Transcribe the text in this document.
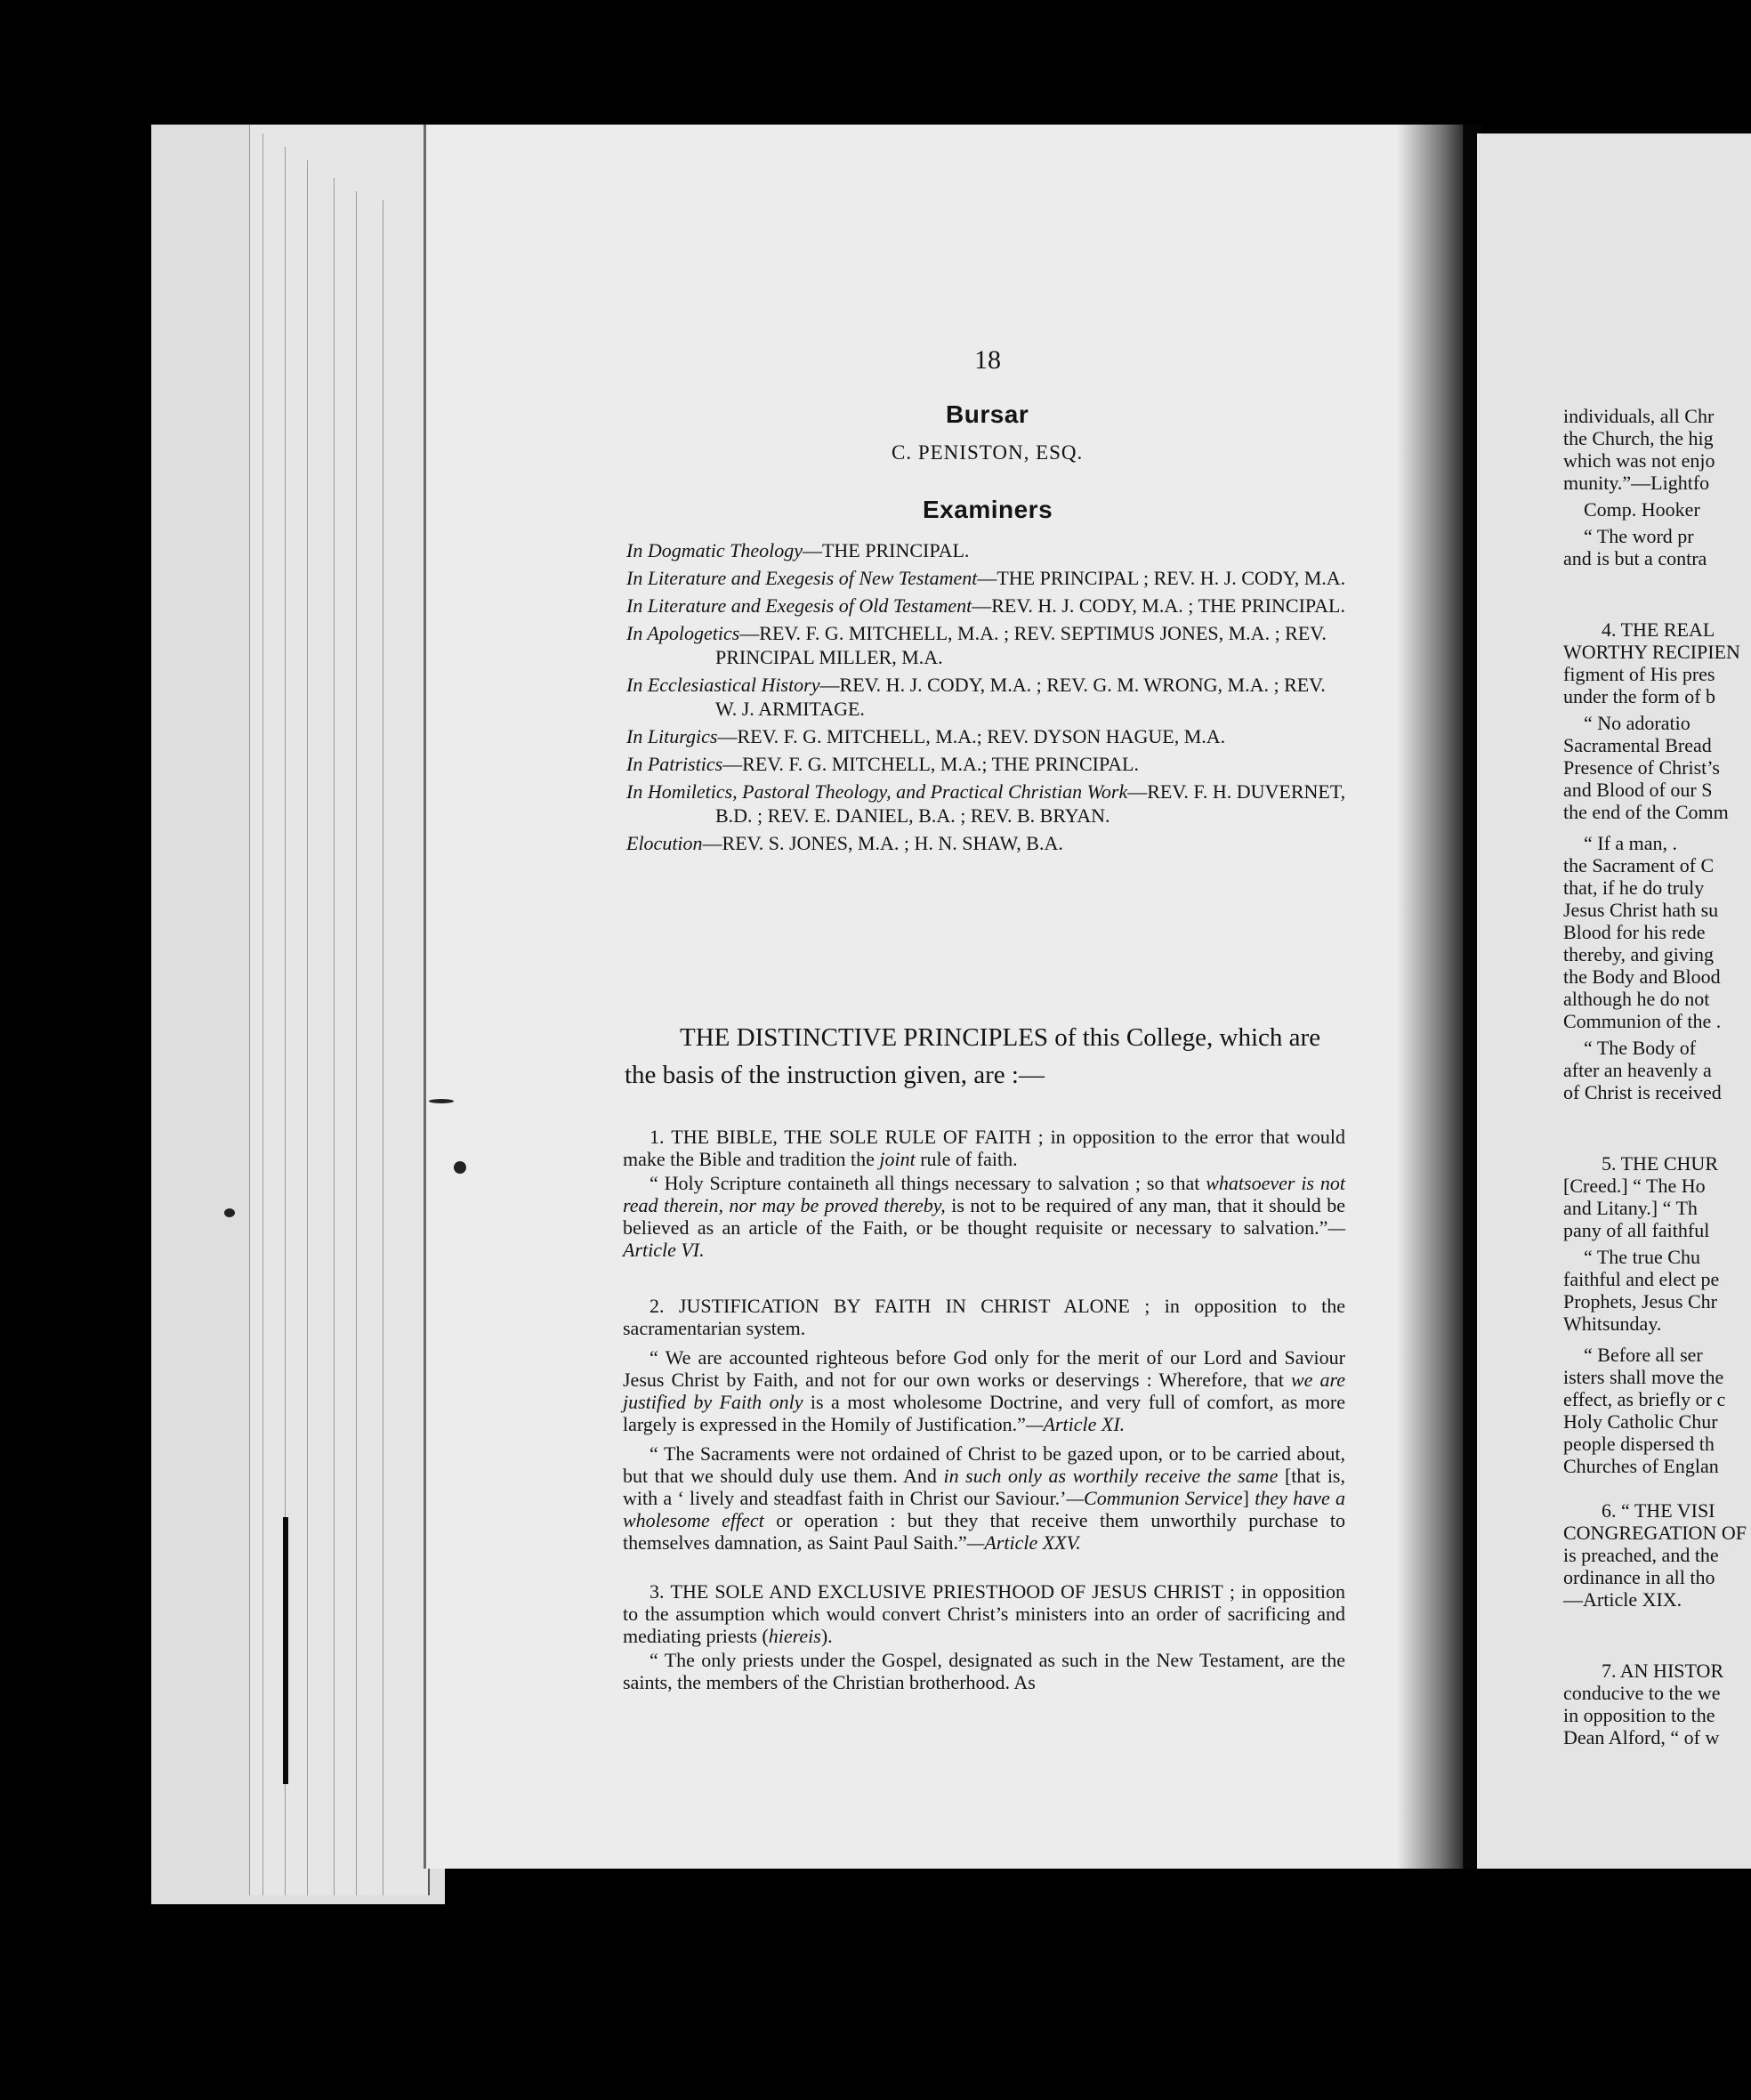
18
Bursar
C. PENISTON, ESQ.
Examiners
In Dogmatic Theology—THE PRINCIPAL.
In Literature and Exegesis of New Testament—THE PRINCIPAL ; REV. H. J. CODY, M.A.
In Literature and Exegesis of Old Testament—REV. H. J. CODY, M.A. ; THE PRINCIPAL.
In Apologetics—REV. F. G. MITCHELL, M.A. ; REV. SEPTIMUS JONES, M.A. ; REV. PRINCIPAL MILLER, M.A.
In Ecclesiastical History—REV. H. J. CODY, M.A. ; REV. G. M. WRONG, M.A. ; REV. W. J. ARMITAGE.
In Liturgics—REV. F. G. MITCHELL, M.A.; REV. DYSON HAGUE, M.A.
In Patristics—REV. F. G. MITCHELL, M.A.; THE PRINCIPAL.
In Homiletics, Pastoral Theology, and Practical Christian Work—REV. F. H. DUVERNET, B.D. ; REV. E. DANIEL, B.A. ; REV. B. BRYAN.
Elocution—REV. S. JONES, M.A. ; H. N. SHAW, B.A.
THE DISTINCTIVE PRINCIPLES of this College, which are the basis of the instruction given, are :—

1. THE BIBLE, THE SOLE RULE OF FAITH ; in opposition to the error that would make the Bible and tradition the joint rule of faith.

“ Holy Scripture containeth all things necessary to salvation ; so that whatsoever is not read therein, nor may be proved thereby, is not to be required of any man, that it should be believed as an article of the Faith, or be thought requisite or necessary to salvation.”—Article VI.

2. JUSTIFICATION BY FAITH IN CHRIST ALONE ; in opposition to the sacramentarian system.

“ We are accounted righteous before God only for the merit of our Lord and Saviour Jesus Christ by Faith, and not for our own works or deservings : Wherefore, that we are justified by Faith only is a most wholesome Doctrine, and very full of comfort, as more largely is expressed in the Homily of Justification.”—Article XI.

“ The Sacraments were not ordained of Christ to be gazed upon, or to be carried about, but that we should duly use them. And in such only as worthily receive the same [that is, with a ‘ lively and steadfast faith in Christ our Saviour.’—Communion Service] they have a wholesome effect or operation : but they that receive them unworthily purchase to themselves damnation, as Saint Paul Saith.”—Article XXV.

3. THE SOLE AND EXCLUSIVE PRIESTHOOD OF JESUS CHRIST ; in opposition to the assumption which would convert Christ’s ministers into an order of sacrificing and mediating priests (hiereis).

“ The only priests under the Gospel, designated as such in the New Testament, are the saints, the members of the Christian brotherhood. As

individuals, all Chr
the Church, the hig
which was not enjo
munity.”—Lightfo
Comp. Hooker
“ The word pr
and is but a contra
4. THE REAL
WORTHY RECIPIEN
figment of His pres
under the form of b
“ No adoratio
Sacramental Bread
Presence of Christ’s
and Blood of our S
the end of the Comm
“ If a man, .
the Sacrament of C
that, if he do truly
Jesus Christ hath su
Blood for his rede
thereby, and giving
the Body and Blood
although he do not
Communion of the .
“ The Body of
after an heavenly a
of Christ is received
5. THE CHUR
[Creed.] “ The Ho
and Litany.] “ Th
pany of all faithful
“ The true Chu
faithful and elect pe
Prophets, Jesus Chr
Whitsunday.
“ Before all ser
isters shall move the
effect, as briefly or c
Holy Catholic Chur
people dispersed th
Churches of Englan
6. “ THE VISI
CONGREGATION OF
is preached, and the
ordinance in all tho
—Article XIX.
7. AN HISTOR
conducive to the we
in opposition to the
Dean Alford, “ of w
